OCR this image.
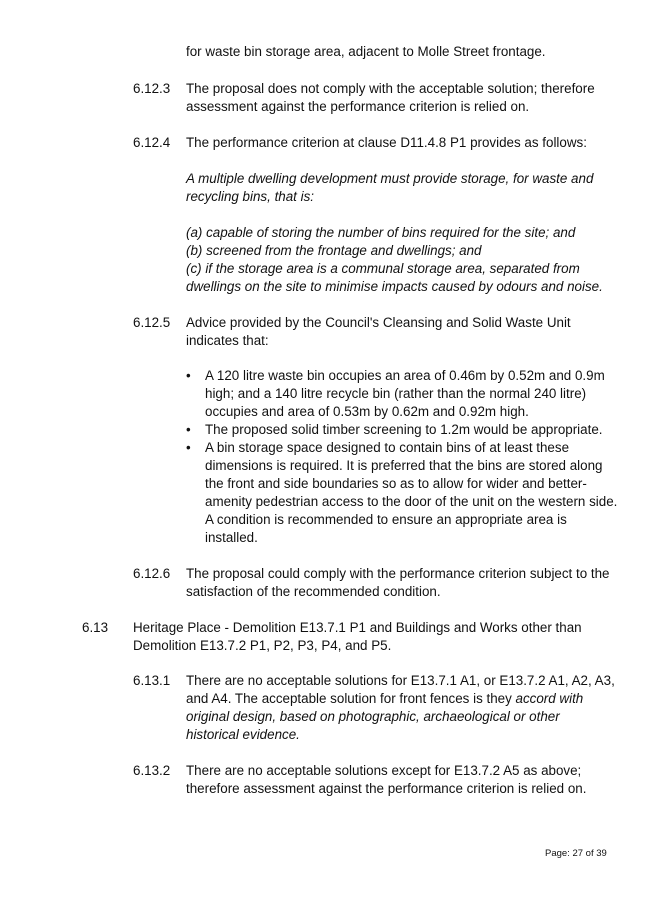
for waste bin storage area, adjacent to Molle Street frontage.
6.12.3 The proposal does not comply with the acceptable solution; therefore
assessment against the performance criterion is relied on.
6.12.4 The performance criterion at clause D11.4.8 P1 provides as follows:
A multiple dwelling development must provide storage, for waste and
recycling bins, that is:
(a) capable of storing the number of bins required for the site; and
(b) screened from the frontage and dwellings; and
(c) if the storage area is a communal storage area, separated from
dwellings on the site to minimise impacts caused by odours and noise.
6.12.5 Advice provided by the Council's Cleansing and Solid Waste Unit
indicates that:
• A 120 litre waste bin occupies an area of 0.46m by 0.52m and 0.9m
high; and a 140 litre recycle bin (rather than the normal 240 litre)
occupies and area of 0.53m by 0.62m and 0.92m high.
• The proposed solid timber screening to 1.2m would be appropriate.
• A bin storage space designed to contain bins of at least these
dimensions is required. It is preferred that the bins are stored along
the front and side boundaries so as to allow for wider and better-
amenity pedestrian access to the door of the unit on the western side.
A condition is recommended to ensure an appropriate area is
installed.
6.12.6 The proposal could comply with the performance criterion subject to the
satisfaction of the recommended condition.
6.13 Heritage Place - Demolition E13.7.1 P1 and Buildings and Works other than
Demolition E13.7.2 P1, P2, P3, P4, and P5.
6.13.1 There are no acceptable solutions for E13.7.1 A1, or E13.7.2 A1, A2, A3,
and A4. The acceptable solution for front fences is they accord with
original design, based on photographic, archaeological or other
historical evidence.
6.13.2 There are no acceptable solutions except for E13.7.2 A5 as above;
therefore assessment against the performance criterion is relied on.
Page: 27 of 39
